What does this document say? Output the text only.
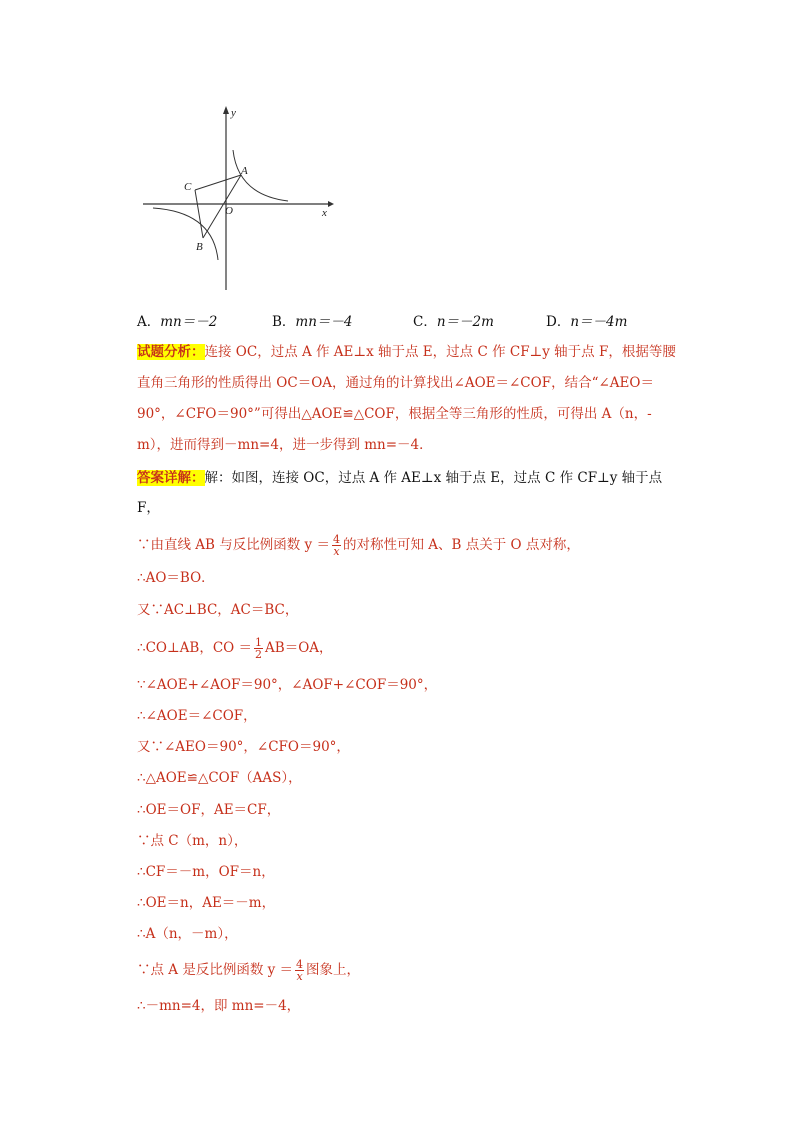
y
x
O
A
B
C
A．mn＝－2	B．mn＝－4	C．n＝－2m	D．n＝－4m
试题分析：连接 OC，过点 A 作 AE⊥x 轴于点 E，过点 C 作 CF⊥y 轴于点 F，根据等腰
直角三角形的性质得出 OC＝OA，通过角的计算找出∠AOE＝∠COF，结合“∠AEO＝
90°，∠CFO＝90°”可得出△AOE≌△COF，根据全等三角形的性质，可得出 A（n，-
m），进而得到－mn=4，进一步得到 mn=－4．
答案详解：解：如图，连接 OC，过点 A 作 AE⊥x 轴于点 E，过点 C 作 CF⊥y 轴于点
F，
∵由直线 AB 与反比例函数 $y = \frac{4}{x}$ 的对称性可知 A、B 点关于 O 点对称，
∴AO＝BO．
又∵AC⊥BC，AC＝BC，
∴CO⊥AB，CO ＝ $\frac{1}{2} AB=OA$，
∵∠AOE+∠AOF＝90°，∠AOF+∠COF＝90°，
∴∠AOE＝∠COF，
又∵∠AEO＝90°，∠CFO＝90°，
∴△AOE≌△COF（AAS），
∴OE＝OF，AE＝CF，
∵点 C（m，n），
∴CF＝－m，OF＝n，
∴OE＝n，AE＝－m，
∴A（n，－m），
∵点 A 是反比例函数 $y = \frac{4}{x}$ 图象上，
∴－mn=4，即 mn=－4，
